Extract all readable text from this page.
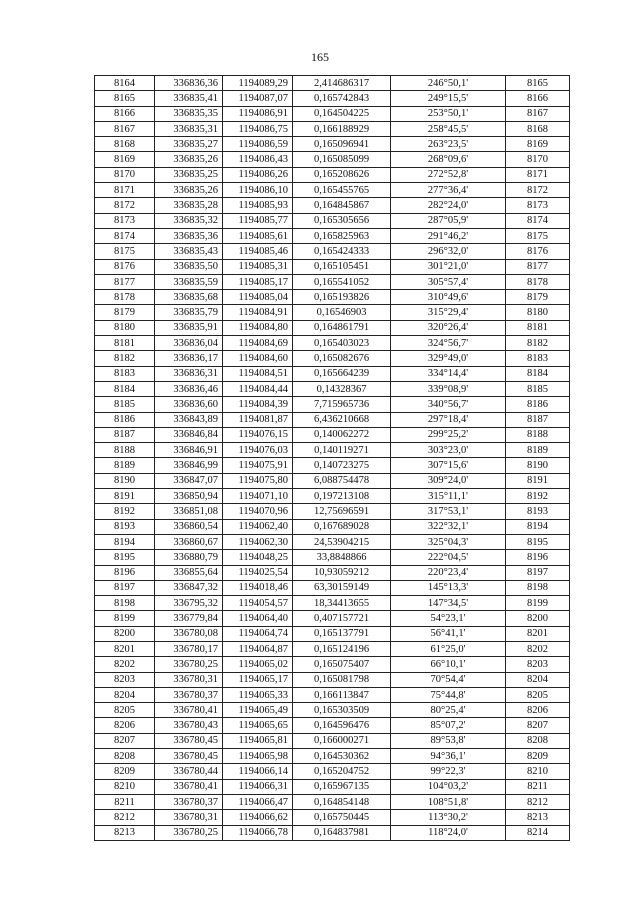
165
8164	336836,36	1194089,29	2,414686317	246°50,1'	8165
8165	336835,41	1194087,07	0,165742843	249°15,5'	8166
8166	336835,35	1194086,91	0,164504225	253°50,1'	8167
8167	336835,31	1194086,75	0,166188929	258°45,5'	8168
8168	336835,27	1194086,59	0,165096941	263°23,5'	8169
8169	336835,26	1194086,43	0,165085099	268°09,6'	8170
8170	336835,25	1194086,26	0,165208626	272°52,8'	8171
8171	336835,26	1194086,10	0,165455765	277°36,4'	8172
8172	336835,28	1194085,93	0,164845867	282°24,0'	8173
8173	336835,32	1194085,77	0,165305656	287°05,9'	8174
8174	336835,36	1194085,61	0,165825963	291°46,2'	8175
8175	336835,43	1194085,46	0,165424333	296°32,0'	8176
8176	336835,50	1194085,31	0,165105451	301°21,0'	8177
8177	336835,59	1194085,17	0,165541052	305°57,4'	8178
8178	336835,68	1194085,04	0,165193826	310°49,6'	8179
8179	336835,79	1194084,91	0,16546903	315°29,4'	8180
8180	336835,91	1194084,80	0,164861791	320°26,4'	8181
8181	336836,04	1194084,69	0,165403023	324°56,7'	8182
8182	336836,17	1194084,60	0,165082676	329°49,0'	8183
8183	336836,31	1194084,51	0,165664239	334°14,4'	8184
8184	336836,46	1194084,44	0,14328367	339°08,9'	8185
8185	336836,60	1194084,39	7,715965736	340°56,7'	8186
8186	336843,89	1194081,87	6,436210668	297°18,4'	8187
8187	336846,84	1194076,15	0,140062272	299°25,2'	8188
8188	336846,91	1194076,03	0,140119271	303°23,0'	8189
8189	336846,99	1194075,91	0,140723275	307°15,6'	8190
8190	336847,07	1194075,80	6,088754478	309°24,0'	8191
8191	336850,94	1194071,10	0,197213108	315°11,1'	8192
8192	336851,08	1194070,96	12,75696591	317°53,1'	8193
8193	336860,54	1194062,40	0,167689028	322°32,1'	8194
8194	336860,67	1194062,30	24,53904215	325°04,3'	8195
8195	336880,79	1194048,25	33,8848866	222°04,5'	8196
8196	336855,64	1194025,54	10,93059212	220°23,4'	8197
8197	336847,32	1194018,46	63,30159149	145°13,3'	8198
8198	336795,32	1194054,57	18,34413655	147°34,5'	8199
8199	336779,84	1194064,40	0,407157721	54°23,1'	8200
8200	336780,08	1194064,74	0,165137791	56°41,1'	8201
8201	336780,17	1194064,87	0,165124196	61°25,0'	8202
8202	336780,25	1194065,02	0,165075407	66°10,1'	8203
8203	336780,31	1194065,17	0,165081798	70°54,4'	8204
8204	336780,37	1194065,33	0,166113847	75°44,8'	8205
8205	336780,41	1194065,49	0,165303509	80°25,4'	8206
8206	336780,43	1194065,65	0,164596476	85°07,2'	8207
8207	336780,45	1194065,81	0,166000271	89°53,8'	8208
8208	336780,45	1194065,98	0,164530362	94°36,1'	8209
8209	336780,44	1194066,14	0,165204752	99°22,3'	8210
8210	336780,41	1194066,31	0,165967135	104°03,2'	8211
8211	336780,37	1194066,47	0,164854148	108°51,8'	8212
8212	336780,31	1194066,62	0,165750445	113°30,2'	8213
8213	336780,25	1194066,78	0,164837981	118°24,0'	8214
